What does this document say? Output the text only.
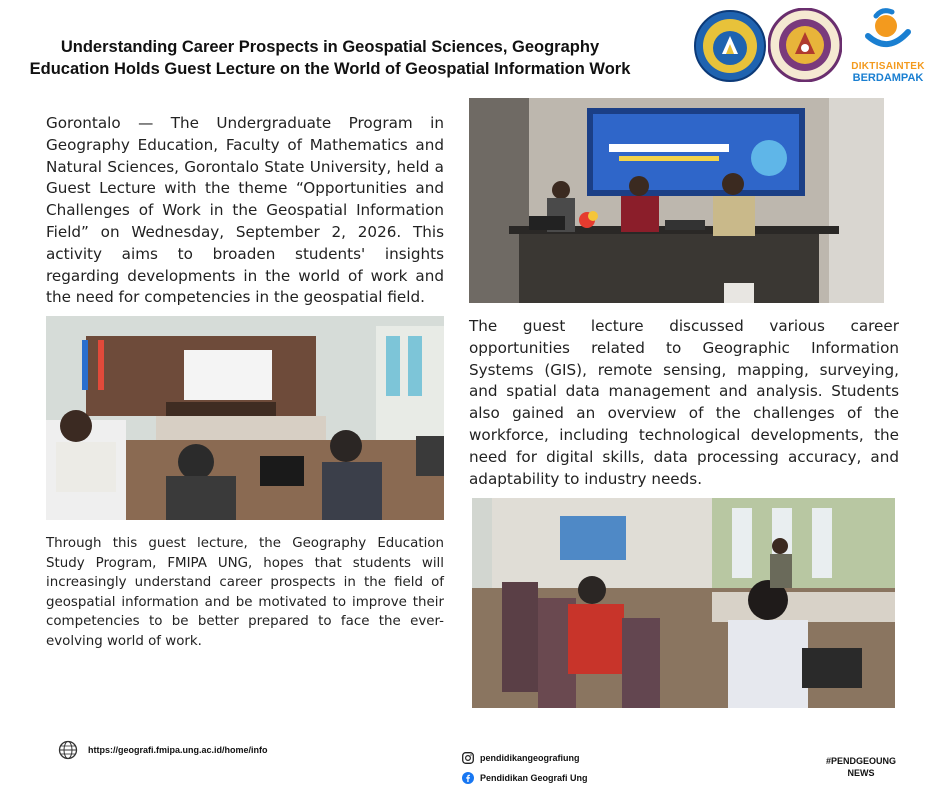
Understanding Career Prospects in Geospatial Sciences, Geography Education Holds Guest Lecture on the World of Geospatial Information Work	DIKTISAINTEK
BERDAMPAK
Gorontalo — The Undergraduate Program in Geography Education, Faculty of Mathematics and Natural Sciences, Gorontalo State University, held a Guest Lecture with the theme “Opportunities and Challenges of Work in the Geospatial Information Field” on Wednesday, September 2, 2026. This activity aims to broaden students' insights regarding developments in the world of work and the need for competencies in the geospatial field.
The guest lecture discussed various career opportunities related to Geographic Information Systems (GIS), remote sensing, mapping, surveying, and spatial data management and analysis. Students also gained an overview of the challenges of the workforce, including technological developments, the need for digital skills, data processing accuracy, and adaptability to industry needs.
Through this guest lecture, the Geography Education Study Program, FMIPA UNG, hopes that students will increasingly understand career prospects in the field of geospatial information and be motivated to improve their competencies to be better prepared to face the ever-evolving world of work.
https://geografi.fmipa.ung.ac.id/home/info
pendidikangeografiung
Pendidikan Geografi Ung
#PENDGEOUNG
NEWS
